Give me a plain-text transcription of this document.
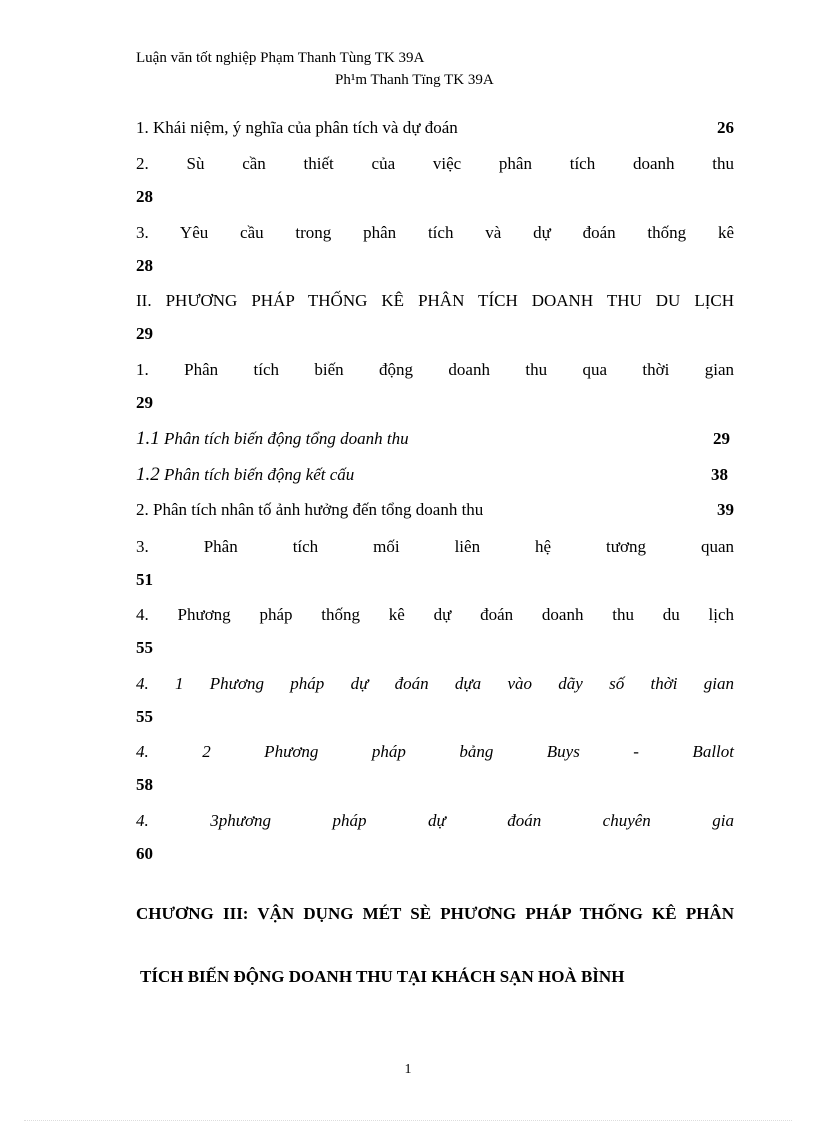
Luận văn tốt nghiệp Phạm Thanh Tùng TK 39A
Ph¹m Thanh Tïng TK 39A
1. Khái niệm, ý nghĩa của phân tích và dự đoán	26
2. Sù cần thiết của việc phân tích doanh thu
28
3. Yêu cầu trong phân tích và dự đoán thống kê
28
II. PHƯƠNG PHÁP THỐNG KÊ PHÂN TÍCH DOANH THU DU LỊCH
29
1. Phân tích biến động doanh thu qua thời gian
29
1.1 Phân tích biến động tổng doanh thu	29
1.2 Phân tích biến động kết cấu	38
2. Phân tích nhân tố ảnh hưởng đến tổng doanh thu	39
3. Phân tích mối liên hệ tương quan
51
4. Phương pháp thống kê dự đoán doanh thu du lịch
55
4. 1 Phương pháp dự đoán dựa vào dãy số thời gian
55
4. 2 Phương pháp bảng Buys - Ballot
58
4. 3phương pháp dự đoán chuyên gia
60
CHƯƠNG III: VẬN DỤNG MÉT SÈ PHƯƠNG PHÁP THỐNG KÊ PHÂN
TÍCH BIẾN ĐỘNG DOANH THU TẠI KHÁCH SẠN HOÀ BÌNH
1
